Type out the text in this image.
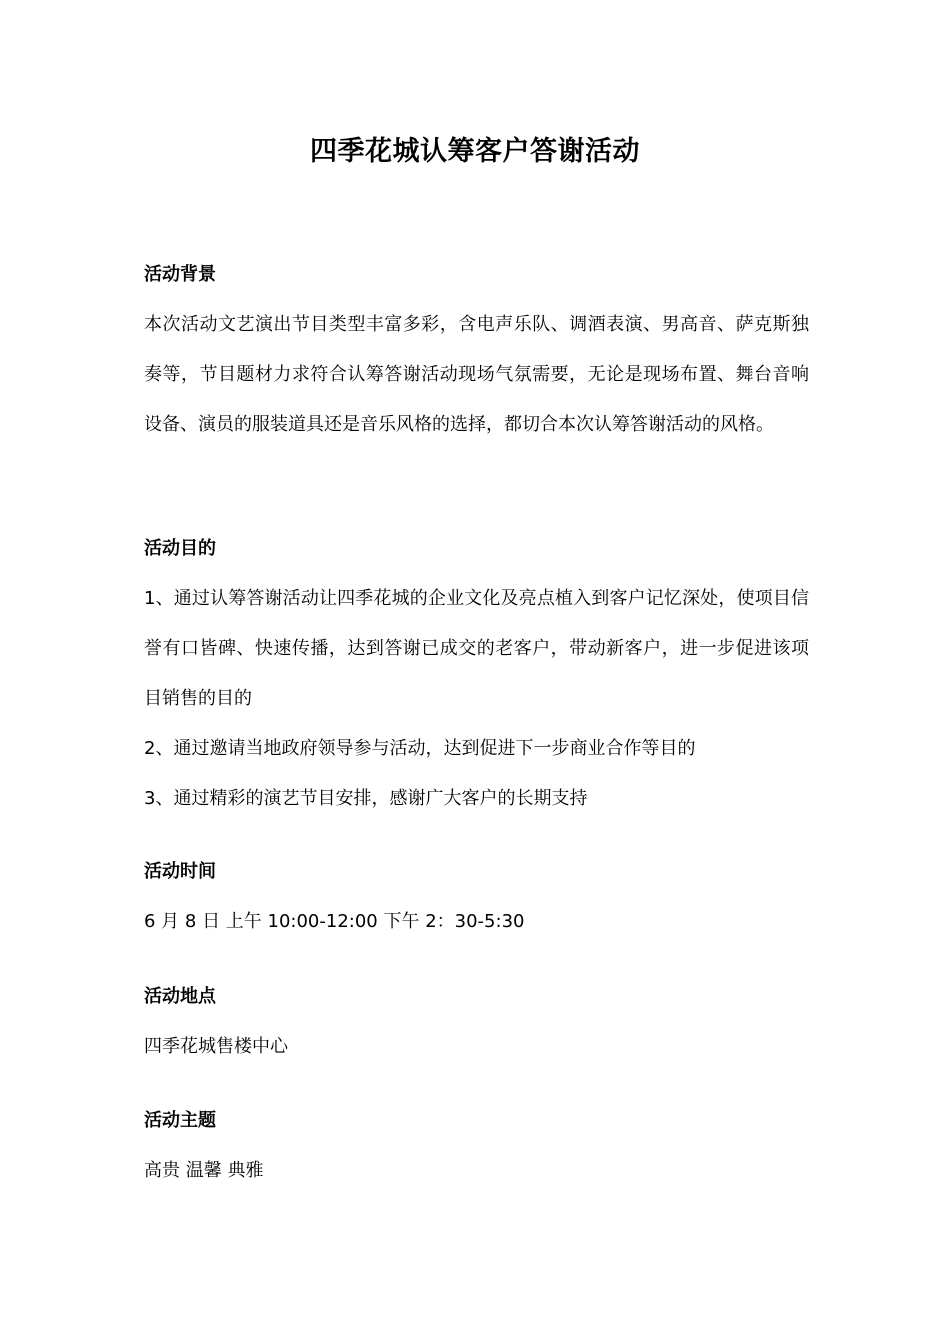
四季花城认筹客户答谢活动

活动背景

本次活动文艺演出节目类型丰富多彩，含电声乐队、调酒表演、男高音、萨克斯独奏等，节目题材力求符合认筹答谢活动现场气氛需要，无论是现场布置、舞台音响设备、演员的服装道具还是音乐风格的选择，都切合本次认筹答谢活动的风格。

活动目的

1、通过认筹答谢活动让四季花城的企业文化及亮点植入到客户记忆深处，使项目信誉有口皆碑、快速传播，达到答谢已成交的老客户，带动新客户，进一步促进该项目销售的目的

2、通过邀请当地政府领导参与活动，达到促进下一步商业合作等目的

3、通过精彩的演艺节目安排，感谢广大客户的长期支持

活动时间

6 月 8 日 上午 10:00-12:00 下午 2：30-5:30

活动地点

四季花城售楼中心

活动主题

高贵 温馨 典雅
